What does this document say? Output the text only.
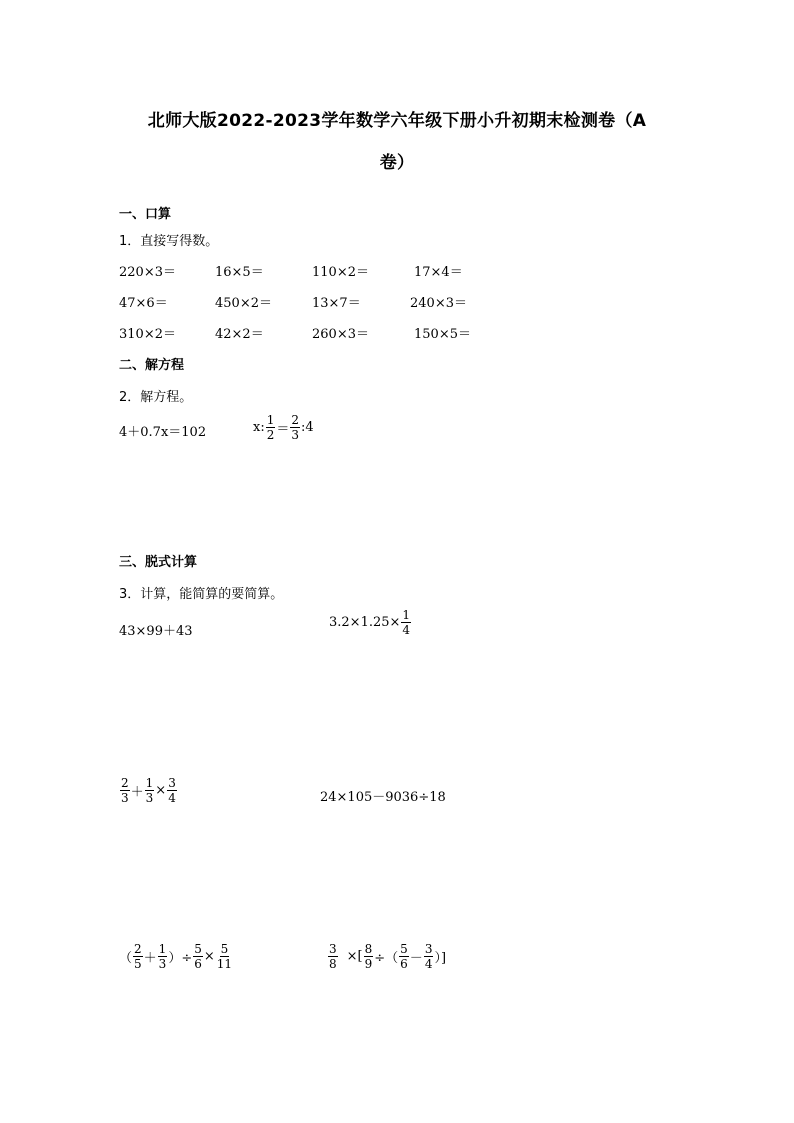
北师大版2022-2023学年数学六年级下册小升初期末检测卷（A
卷）
一、口算
1．直接写得数。
220×3＝	16×5＝	110×2＝	17×4＝
47×6＝	450×2＝	13×7＝	240×3＝
310×2＝	42×2＝	260×3＝	150×5＝
二、解方程
2．解方程。
4＋0.7x＝102	x: $\frac{1}{2} = \frac{2}{3}$ :4
三、脱式计算
3．计算，能简算的要简算。
43×99＋43
$3.2\times 1.25\times \frac{1}{4}$
$\frac{2}{3} + \frac{1}{3} \times \frac{3}{4}$	24×105－9036÷18
（ $\frac{2}{5} + \frac{1}{3}$ ）÷ $\frac{5}{6} \times \frac{5}{11}$	$\frac{3}{8}$ ×[ $\frac{8}{9}$ ÷（ $\frac{5}{6} - \frac{3}{4}$ ）]
